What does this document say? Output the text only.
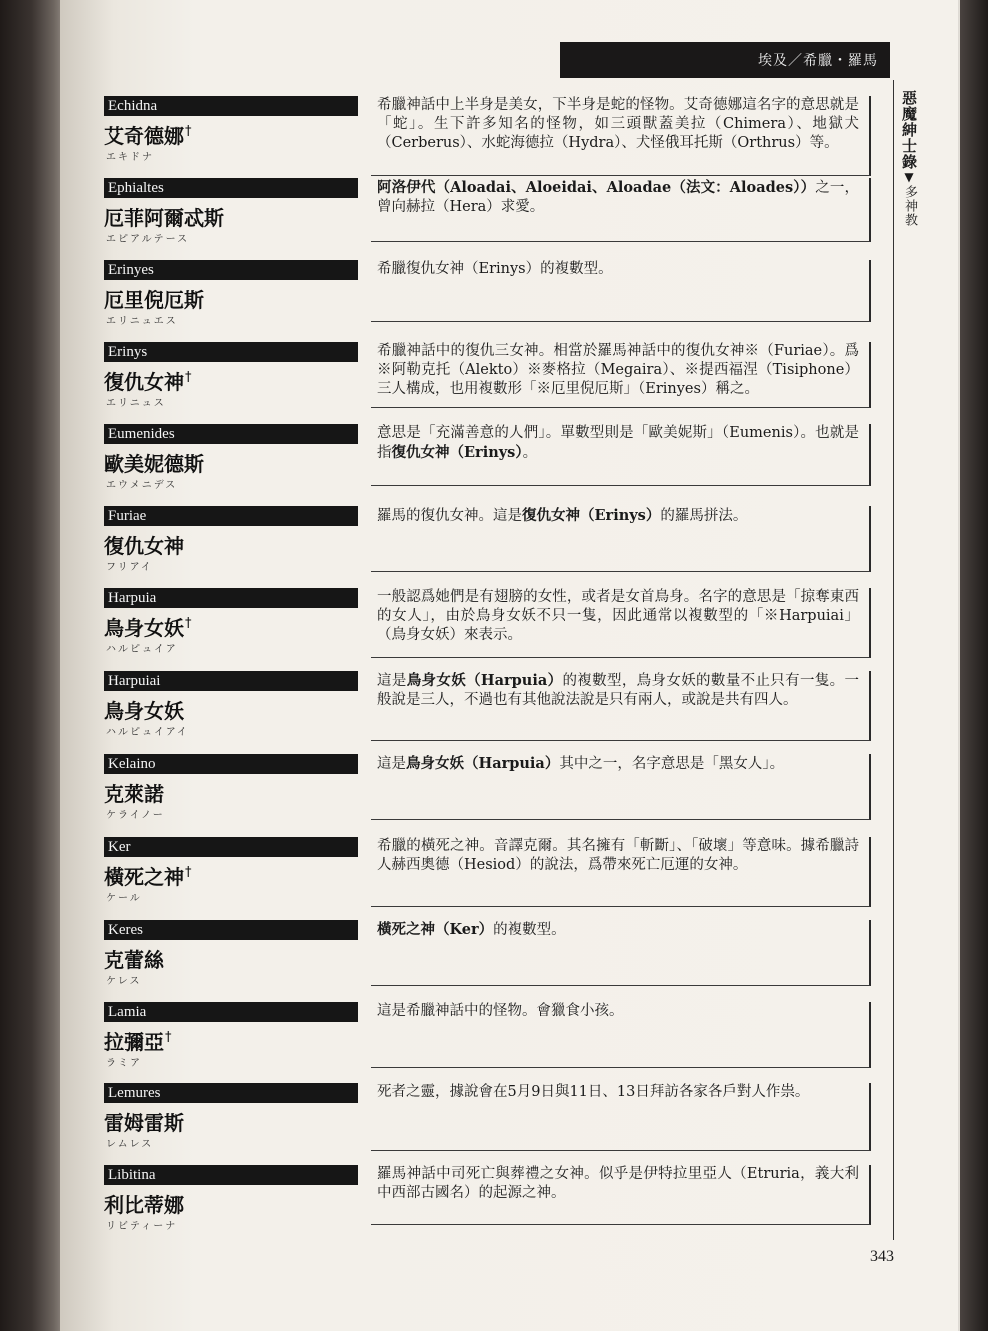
埃及／希臘・羅馬
惡魔紳士錄▼多神教
Echidna
艾奇德娜†
エキドナ
希臘神話中上半身是美女，下半身是蛇的怪物。艾奇德娜這名字的意思就是「蛇」。生下許多知名的怪物，如三頭獸蓋美拉（Chimera）、地獄犬（Cerberus）、水蛇海德拉（Hydra）、犬怪俄耳托斯（Orthrus）等。
Ephialtes
厄菲阿爾忒斯
エピアルテース
阿洛伊代（Aloadai、Aloeidai、Aloadae（法文：Aloades））之一，曾向赫拉（Hera）求愛。
Erinyes
厄里倪厄斯
エリニュエス
希臘復仇女神（Erinys）的複數型。
Erinys
復仇女神†
エリニュス
希臘神話中的復仇三女神。相當於羅馬神話中的復仇女神※（Furiae）。爲※阿勒克托（Alekto）※麥格拉（Megaira）、※提西福涅（Tisiphone）三人構成，也用複數形「※厄里倪厄斯」（Erinyes）稱之。
Eumenides
歐美妮德斯
エウメニデス
意思是「充滿善意的人們」。單數型則是「歐美妮斯」（Eumenis）。也就是指復仇女神（Erinys）。
Furiae
復仇女神
フリアイ
羅馬的復仇女神。這是復仇女神（Erinys）的羅馬拼法。
Harpuia
鳥身女妖†
ハルピュイア
一般認爲她們是有翅膀的女性，或者是女首鳥身。名字的意思是「掠奪東西的女人」，由於鳥身女妖不只一隻，因此通常以複數型的「※Harpuiai」（鳥身女妖）來表示。
Harpuiai
鳥身女妖
ハルピュイアイ
這是鳥身女妖（Harpuia）的複數型，鳥身女妖的數量不止只有一隻。一般說是三人，不過也有其他說法說是只有兩人，或說是共有四人。
Kelaino
克萊諾
ケライノー
這是鳥身女妖（Harpuia）其中之一，名字意思是「黑女人」。
Ker
橫死之神†
ケール
希臘的橫死之神。音譯克爾。其名擁有「斬斷」、「破壞」等意味。據希臘詩人赫西奧德（Hesiod）的說法，爲帶來死亡厄運的女神。
Keres
克蕾絲
ケレス
橫死之神（Ker）的複數型。
Lamia
拉彌亞†
ラミア
這是希臘神話中的怪物。會獵食小孩。
Lemures
雷姆雷斯
レムレス
死者之靈，據說會在5月9日與11日、13日拜訪各家各戶對人作祟。
Libitina
利比蒂娜
リビティーナ
羅馬神話中司死亡與葬禮之女神。似乎是伊特拉里亞人（Etruria，義大利中西部古國名）的起源之神。
343
